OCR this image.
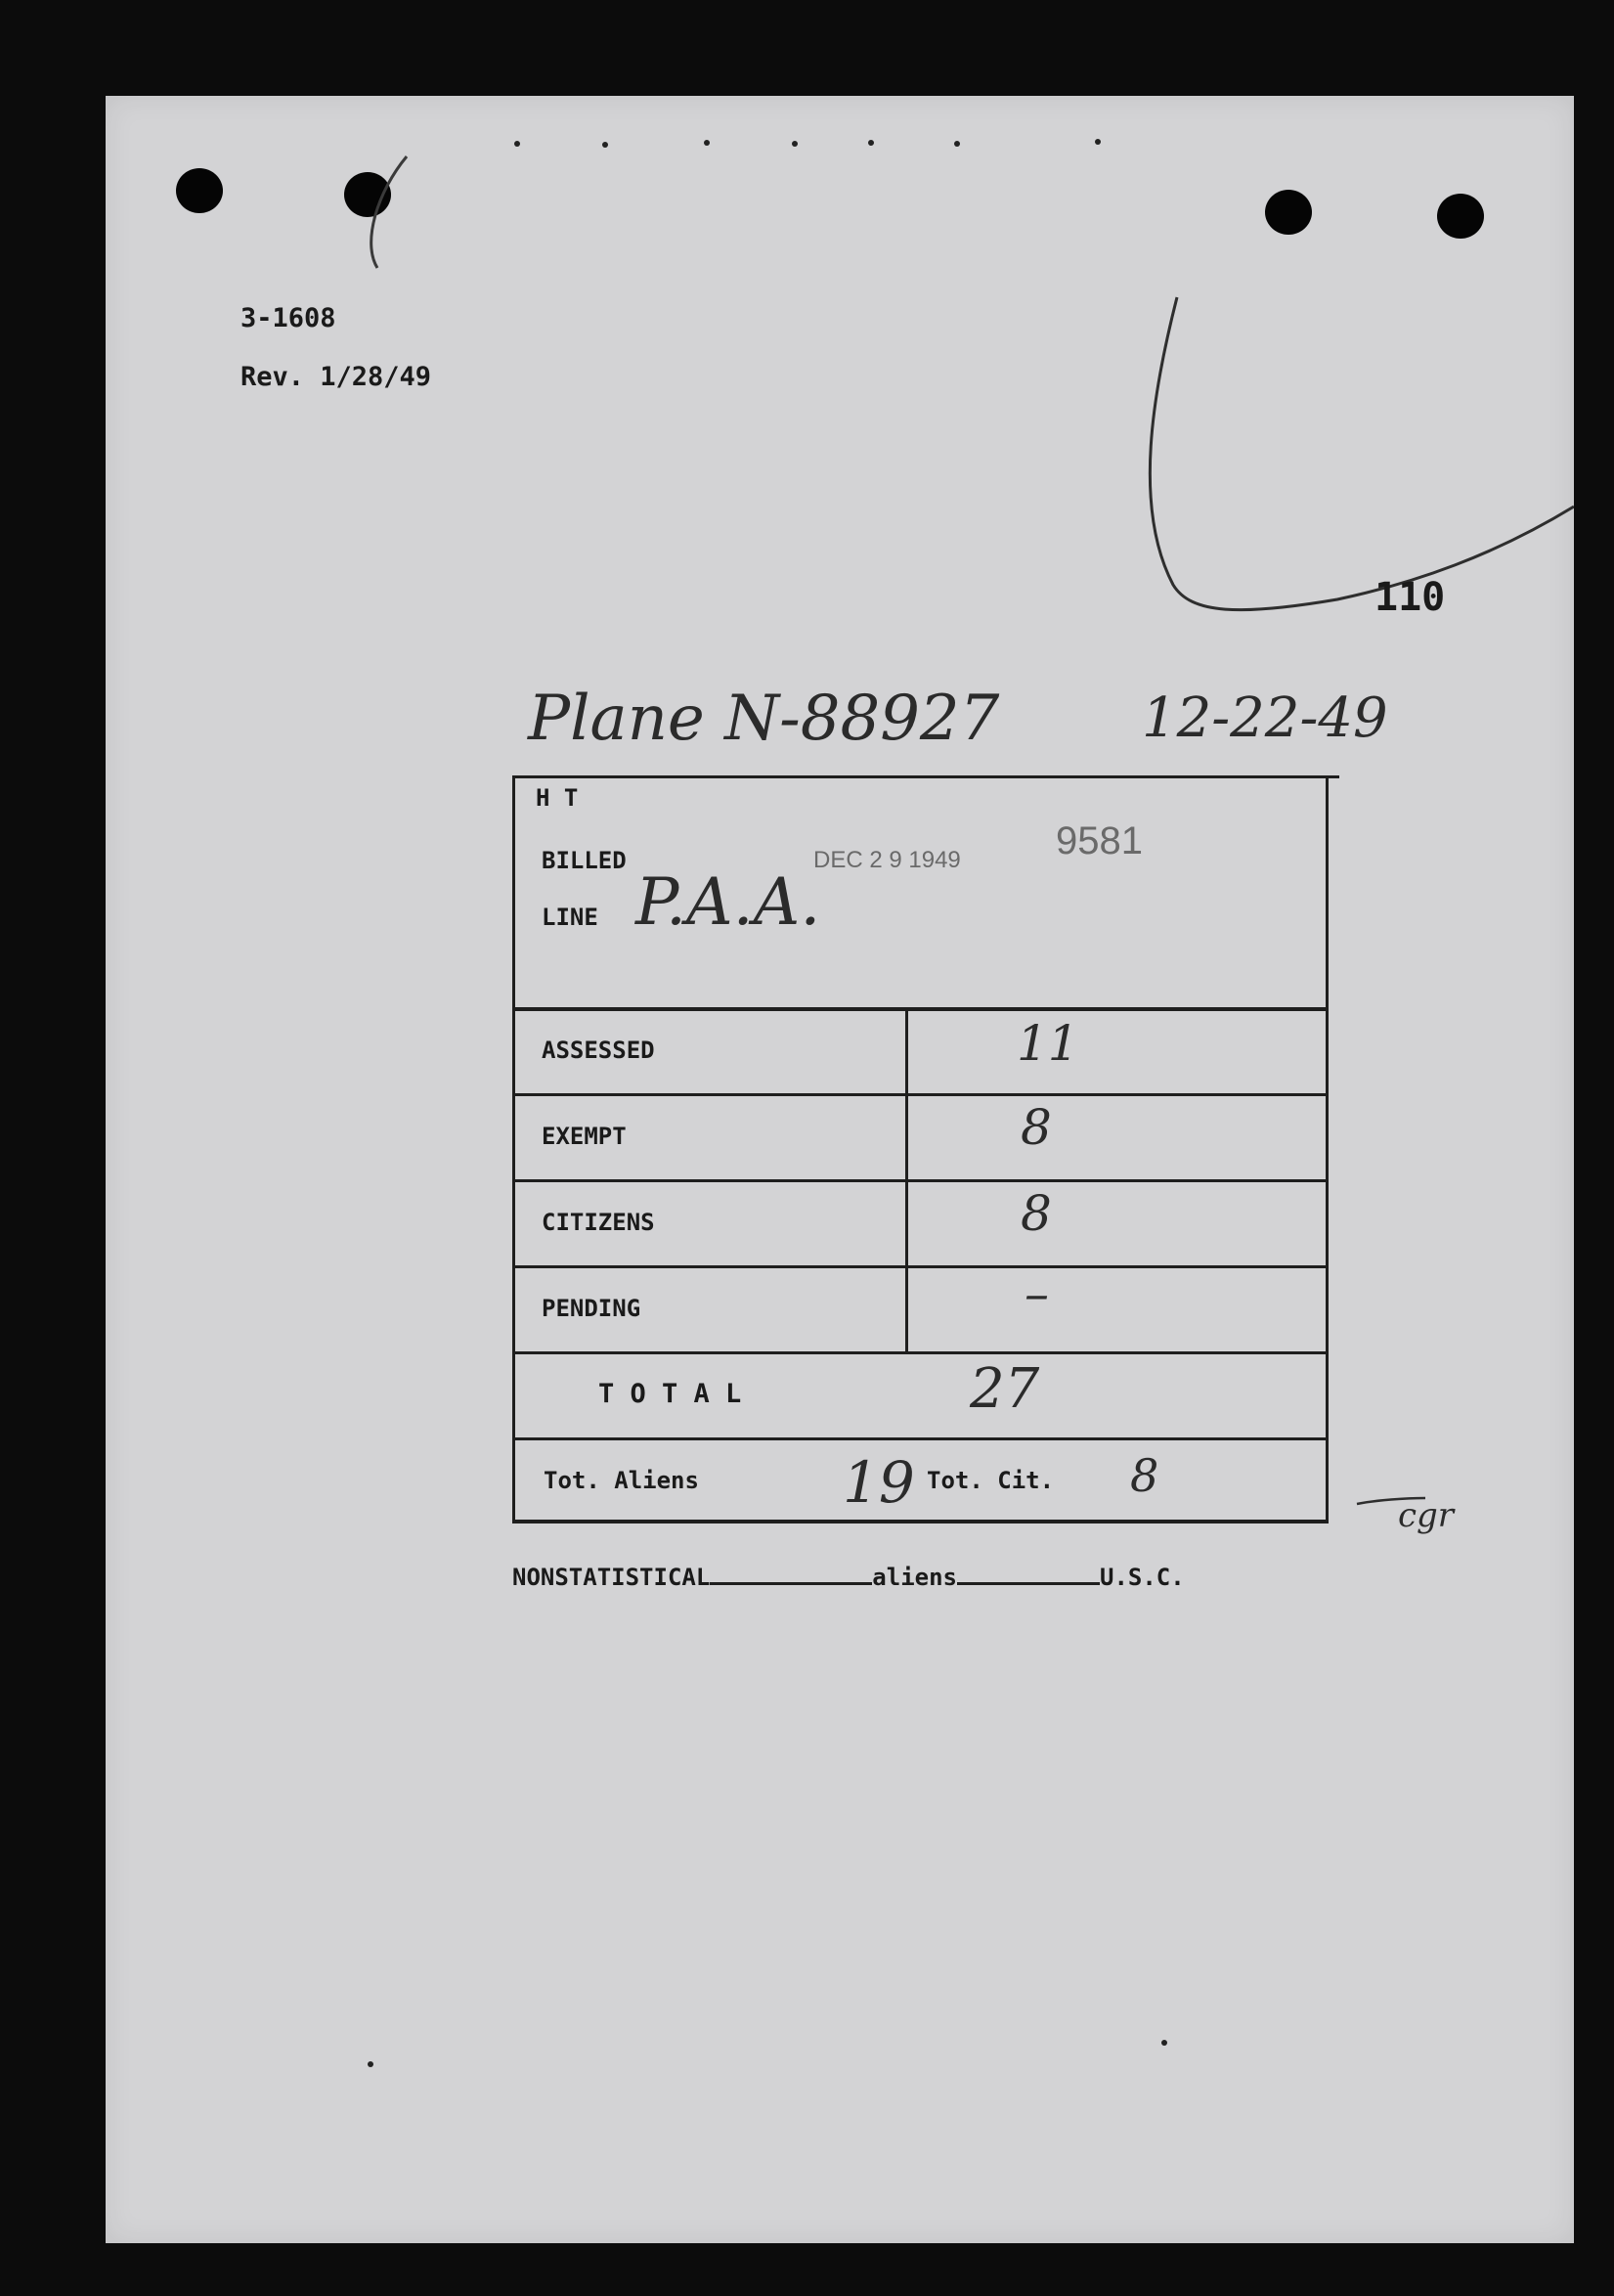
3-1608
Rev. 1/28/49
110
Plane N-88927	12-22-49
H T
BILLED	DEC 2 9 1949 9581
LINE P.A.A.
ASSESSED	11
EXEMPT	8
CITIZENS	8
PENDING	–
T O T A L	27
Tot. Aliens	19 Tot. Cit. 8
cgr
NONSTATISTICAL	aliens	U.S.C.
